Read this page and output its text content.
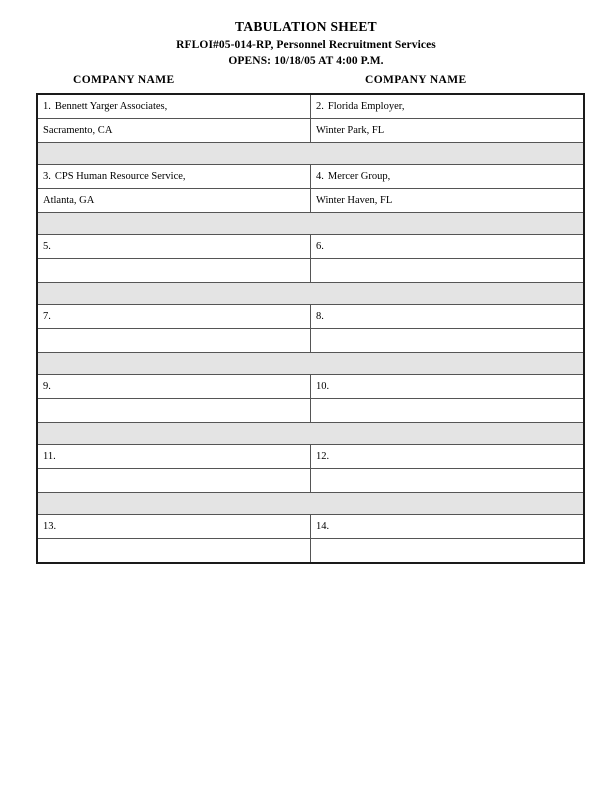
TABULATION SHEET
RFLOI#05-014-RP, Personnel Recruitment Services
OPENS: 10/18/05 AT 4:00 P.M.
COMPANY NAME	COMPANY NAME
1. Bennett Yarger Associates,	2. Florida Employer,
Sacramento, CA	Winter Park, FL

3. CPS Human Resource Service,	4. Mercer Group,
Atlanta, GA	Winter Haven, FL

5.	6.

7.	8.

9.	10.

11.	12.

13.	14.
